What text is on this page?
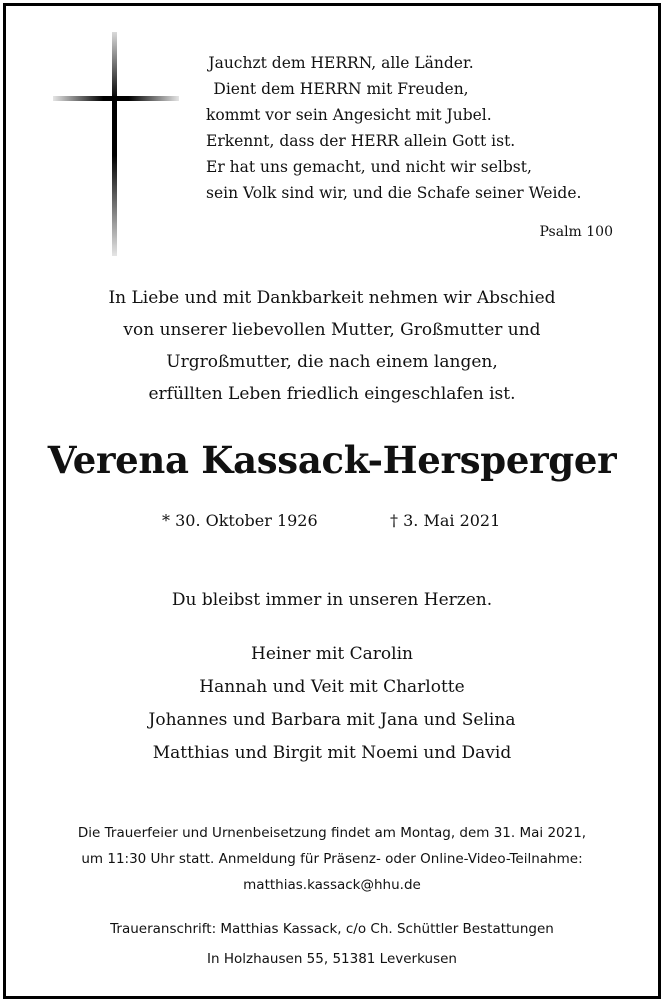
Jauchzt dem HERRN, alle Länder.
Dient dem HERRN mit Freuden,
kommt vor sein Angesicht mit Jubel.
Erkennt, dass der HERR allein Gott ist.
Er hat uns gemacht, und nicht wir selbst,
sein Volk sind wir, und die Schafe seiner Weide.
Psalm 100
In Liebe und mit Dankbarkeit nehmen wir Abschied
von unserer liebevollen Mutter, Großmutter und
Urgroßmutter, die nach einem langen,
erfüllten Leben friedlich eingeschlafen ist.
Verena Kassack-Hersperger
* 30. Oktober 1926	† 3. Mai 2021
Du bleibst immer in unseren Herzen.
Heiner mit Carolin
Hannah und Veit mit Charlotte
Johannes und Barbara mit Jana und Selina
Matthias und Birgit mit Noemi und David
Die Trauerfeier und Urnenbeisetzung findet am Montag, dem 31. Mai 2021,
um 11:30 Uhr statt. Anmeldung für Präsenz- oder Online-Video-Teilnahme:
matthias.kassack@hhu.de
Traueranschrift: Matthias Kassack, c/o Ch. Schüttler Bestattungen
In Holzhausen 55, 51381 Leverkusen
